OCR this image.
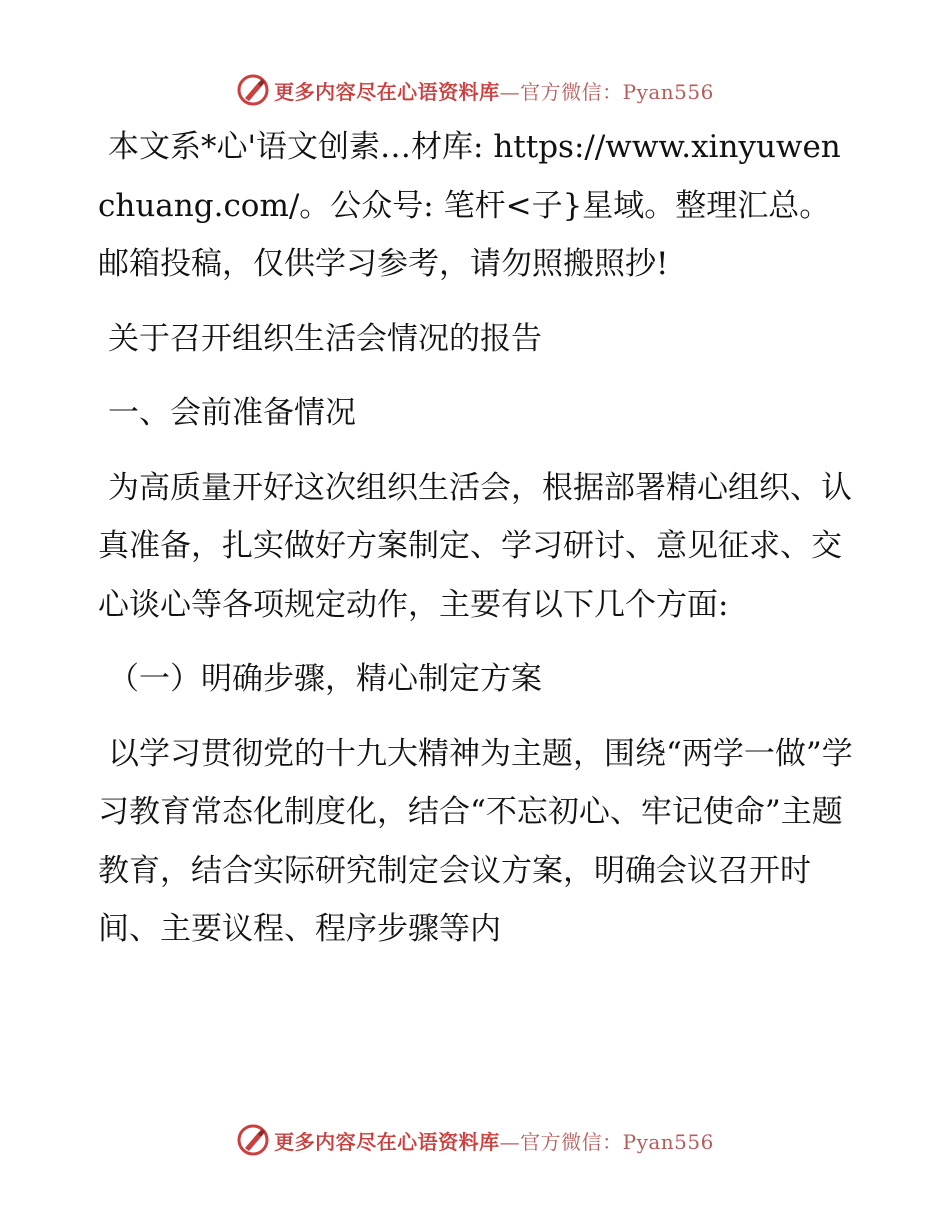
更多内容尽在心语资料库—官方微信：Pyan556

本文系*心'语文创素…材库: https://www.xinyuwenchuang.com/。公众号: 笔杆<子}星域。整理汇总。邮箱投稿，仅供学习参考，请勿照搬照抄!

关于召开组织生活会情况的报告

一、会前准备情况

为高质量开好这次组织生活会，根据部署精心组织、认真准备，扎实做好方案制定、学习研讨、意见征求、交心谈心等各项规定动作，主要有以下几个方面:

（一）明确步骤，精心制定方案

以学习贯彻党的十九大精神为主题，围绕“两学一做”学习教育常态化制度化，结合“不忘初心、牢记使命”主题教育，结合实际研究制定会议方案，明确会议召开时间、主要议程、程序步骤等内

更多内容尽在心语资料库—官方微信：Pyan556
